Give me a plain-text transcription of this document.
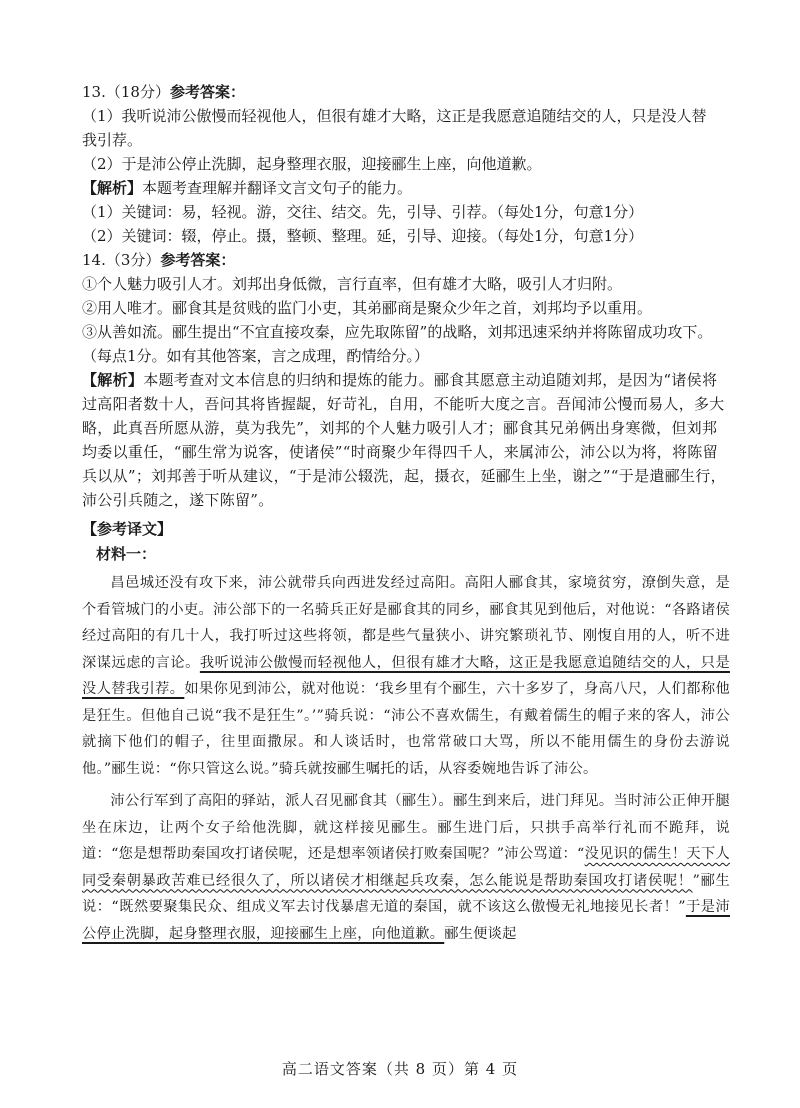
13.（18分）参考答案：

（1）我听说沛公傲慢而轻视他人，但很有雄才大略，这正是我愿意追随结交的人，只是没人替

我引荐。

（2）于是沛公停止洗脚，起身整理衣服，迎接郦生上座，向他道歉。

【解析】本题考查理解并翻译文言文句子的能力。

（1）关键词：易，轻视。游，交往、结交。先，引导、引荐。（每处1分，句意1分）

（2）关键词：辍，停止。摄，整顿、整理。延，引导、迎接。（每处1分，句意1分）

14.（3分）参考答案：

①个人魅力吸引人才。刘邦出身低微，言行直率，但有雄才大略，吸引人才归附。

②用人唯才。郦食其是贫贱的监门小吏，其弟郦商是聚众少年之首，刘邦均予以重用。

③从善如流。郦生提出“不宜直接攻秦，应先取陈留”的战略，刘邦迅速采纳并将陈留成功攻下。

（每点1分。如有其他答案，言之成理，酌情给分。）

【解析】本题考查对文本信息的归纳和提炼的能力。郦食其愿意主动追随刘邦，是因为“诸侯将过高阳者数十人，吾问其将皆握龊，好苛礼，自用，不能听大度之言。吾闻沛公慢而易人，多大略，此真吾所愿从游，莫为我先”，刘邦的个人魅力吸引人才；郦食其兄弟俩出身寒微，但刘邦均委以重任，“郦生常为说客，使诸侯”“时商聚少年得四千人，来属沛公，沛公以为将，将陈留兵以从”；刘邦善于听从建议，“于是沛公辍洗，起，摄衣，延郦生上坐，谢之”“于是遣郦生行，沛公引兵随之，遂下陈留”。

【参考译文】
材料一：

昌邑城还没有攻下来，沛公就带兵向西进发经过高阳。高阳人郦食其，家境贫穷，潦倒失意，是个看管城门的小吏。沛公部下的一名骑兵正好是郦食其的同乡，郦食其见到他后，对他说：“各路诸侯经过高阳的有几十人，我打听过这些将领，都是些气量狭小、讲究繁琐礼节、刚愎自用的人，听不进深谋远虑的言论。我听说沛公傲慢而轻视他人，但很有雄才大略，这正是我愿意追随结交的人，只是没人替我引荐。如果你见到沛公，就对他说：‘我乡里有个郦生，六十多岁了，身高八尺，人们都称他是狂生。但他自己说“我不是狂生”。’”骑兵说：“沛公不喜欢儒生，有戴着儒生的帽子来的客人，沛公就摘下他们的帽子，往里面撒尿。和人谈话时，也常常破口大骂，所以不能用儒生的身份去游说他。”郦生说：“你只管这么说。”骑兵就按郦生嘱托的话，从容委婉地告诉了沛公。

沛公行军到了高阳的驿站，派人召见郦食其（郦生）。郦生到来后，进门拜见。当时沛公正伸开腿坐在床边，让两个女子给他洗脚，就这样接见郦生。郦生进门后，只拱手高举行礼而不跪拜，说道：“您是想帮助秦国攻打诸侯呢，还是想率领诸侯打败秦国呢？”沛公骂道：“没见识的儒生！天下人同受秦朝暴政苦难已经很久了，所以诸侯才相继起兵攻秦，怎么能说是帮助秦国攻打诸侯呢！”郦生说：“既然要聚集民众、组成义军去讨伐暴虐无道的秦国，就不该这么傲慢无礼地接见长者！”于是沛公停止洗脚，起身整理衣服，迎接郦生上座，向他道歉。郦生便谈起

高二语文答案（共 8 页）第 4 页
